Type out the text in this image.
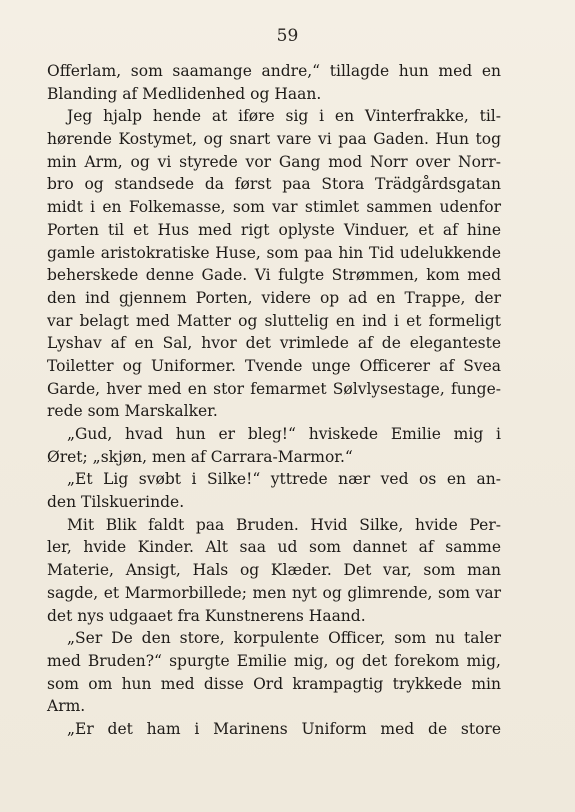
59
Offerlam, som saamange andre,“ tillagde hun med en
Blanding af Medlidenhed og Haan.
Jeg hjalp hende at iføre sig i en Vinterfrakke, til-
hørende Kostymet, og snart vare vi paa Gaden. Hun tog
min Arm, og vi styrede vor Gang mod Norr over Norr-
bro og standsede da først paa Stora Trädgårdsgatan
midt i en Folkemasse, som var stimlet sammen udenfor
Porten til et Hus med rigt oplyste Vinduer, et af hine
gamle aristokratiske Huse, som paa hin Tid udelukkende
beherskede denne Gade. Vi fulgte Strømmen, kom med
den ind gjennem Porten, videre op ad en Trappe, der
var belagt med Matter og sluttelig en ind i et formeligt
Lyshav af en Sal, hvor det vrimlede af de eleganteste
Toiletter og Uniformer. Tvende unge Officerer af Svea
Garde, hver med en stor femarmet Sølvlysestage, funge-
rede som Marskalker.
„Gud, hvad hun er bleg!“ hviskede Emilie mig i
Øret; „skjøn, men af Carrara-Marmor.“
„Et Lig svøbt i Silke!“ yttrede nær ved os en an-
den Tilskuerinde.
Mit Blik faldt paa Bruden. Hvid Silke, hvide Per-
ler, hvide Kinder. Alt saa ud som dannet af samme
Materie, Ansigt, Hals og Klæder. Det var, som man
sagde, et Marmorbillede; men nyt og glimrende, som var
det nys udgaaet fra Kunstnerens Haand.
„Ser De den store, korpulente Officer, som nu taler
med Bruden?“ spurgte Emilie mig, og det forekom mig,
som om hun med disse Ord krampagtig trykkede min
Arm.
„Er det ham i Marinens Uniform med de store
